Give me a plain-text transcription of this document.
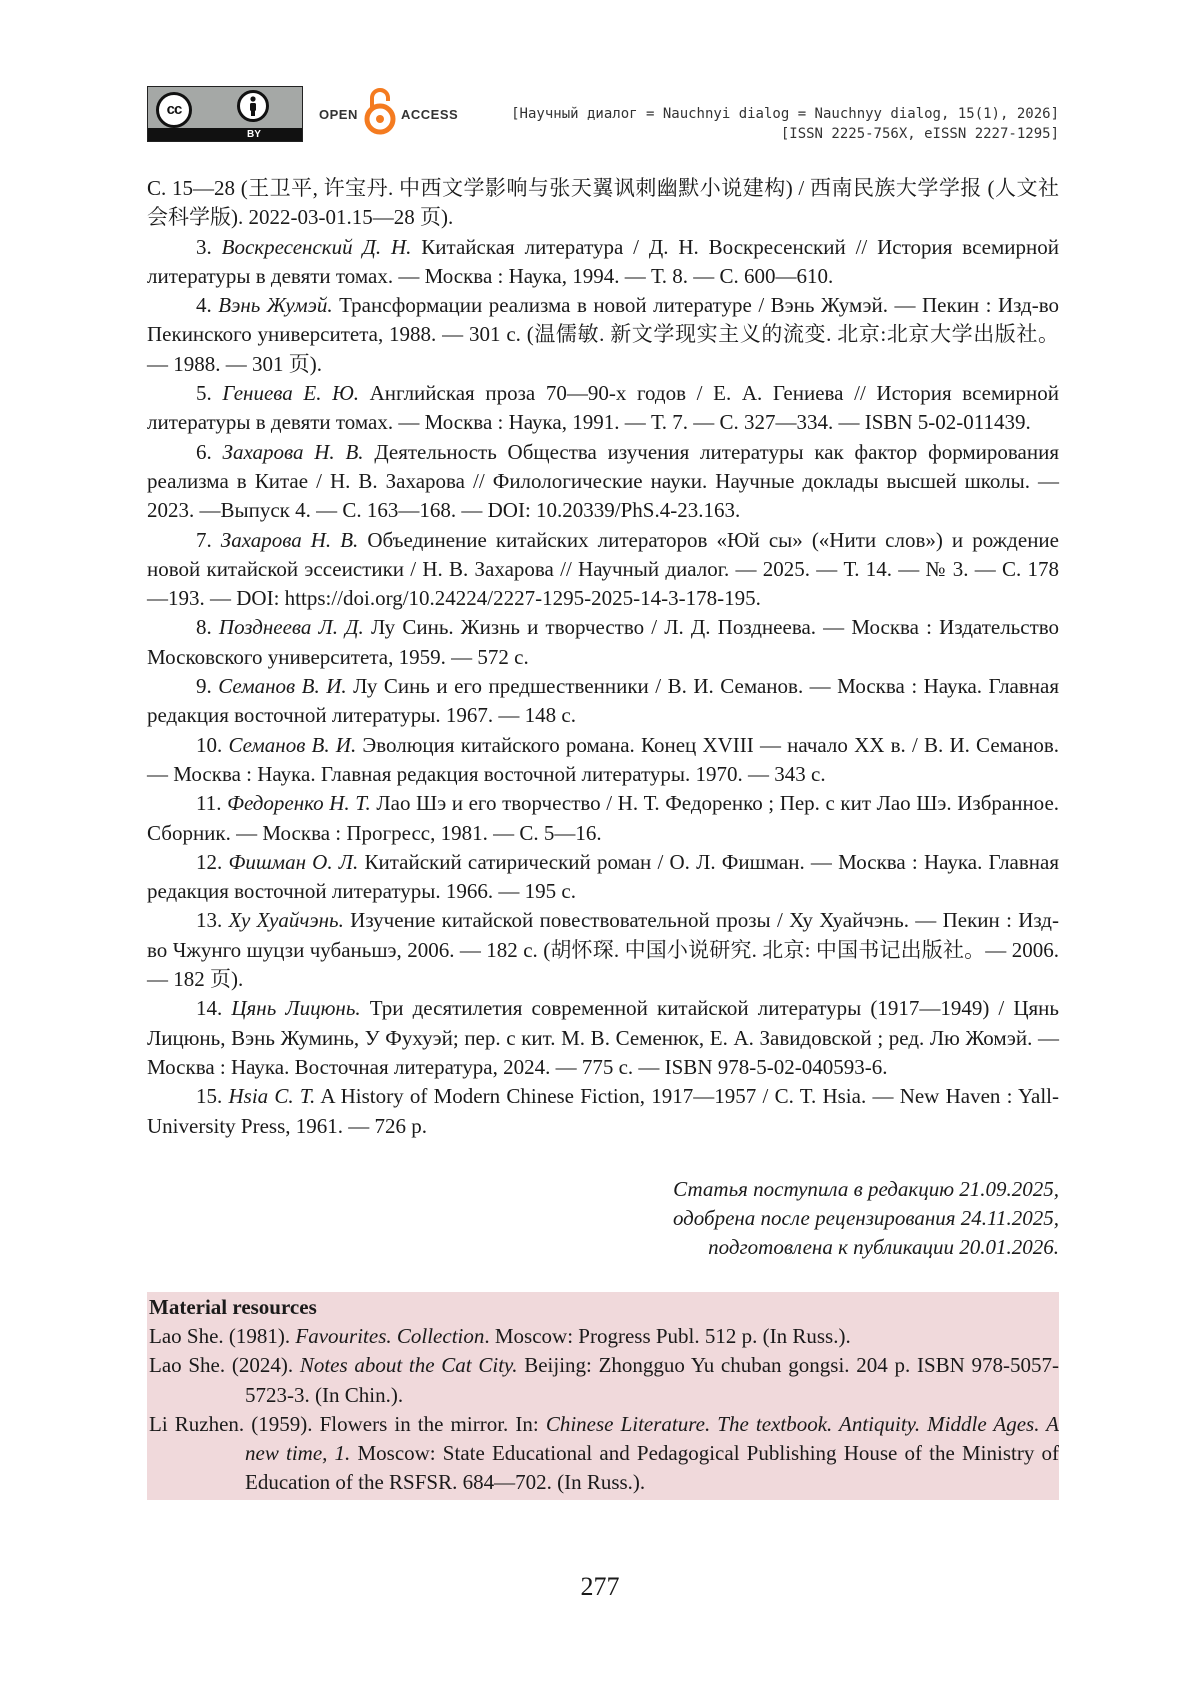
cc
BY
OPEN	ACCESS	[Научный диалог = Nauchnyi dialog = Nauchnyy dialog, 15(1), 2026]
[ISSN 2225-756X, eISSN 2227-1295]

С. 15—28 (王卫平, 许宝丹. 中西文学影响与张天翼讽刺幽默小说建构) / 西南民族大学学报 (人文社会科学版). 2022-03-01.15—28 页).

3. Воскресенский Д. Н. Китайская литература / Д. Н. Воскресенский // История всемирной литературы в девяти томах. — Москва : Наука, 1994. — Т. 8. — С. 600—610.

4. Вэнь Жумэй. Трансформации реализма в новой литературе / Вэнь Жумэй. — Пекин : Изд-во Пекинского университета, 1988. — 301 с. (温儒敏. 新文学现实主义的流变. 北京:北京大学出版社。— 1988. — 301 页).

5. Гениева Е. Ю. Английская проза 70—90-х годов / Е. А. Гениева // История всемирной литературы в девяти томах. — Москва : Наука, 1991. — Т. 7. — С. 327—334. — ISBN 5-02-011439.

6. Захарова Н. В. Деятельность Общества изучения литературы как фактор формирования реализма в Китае / Н. В. Захарова // Филологические науки. Научные доклады высшей школы. — 2023. —Выпуск 4. — С. 163—168. — DOI: 10.20339/PhS.4-23.163.

7. Захарова Н. В. Объединение китайских литераторов «Юй сы» («Нити слов») и рождение новой китайской эссеистики / Н. В. Захарова // Научный диалог. — 2025. — Т. 14. — № 3. — С. 178—193. — DOI: https://doi.org/10.24224/2227-1295-2025-14-3-178-195.

8. Позднеева Л. Д. Лу Синь. Жизнь и творчество / Л. Д. Позднеева. — Москва : Издательство Московского университета, 1959. — 572 с.

9. Семанов В. И. Лу Синь и его предшественники / В. И. Семанов. — Москва : Наука. Главная редакция восточной литературы. 1967. — 148 с.

10. Семанов В. И. Эволюция китайского романа. Конец XVIII — начало XX в. / В. И. Семанов. — Москва : Наука. Главная редакция восточной литературы. 1970. — 343 с.

11. Федоренко Н. Т. Лао Шэ и его творчество / Н. Т. Федоренко ; Пер. с кит Лао Шэ. Избранное. Сборник. — Москва : Прогресс, 1981. — С. 5—16.

12. Фишман О. Л. Китайский сатирический роман / О. Л. Фишман. — Москва : Наука. Главная редакция восточной литературы. 1966. — 195 с.

13. Ху Хуайчэнь. Изучение китайской повествовательной прозы / Ху Хуайчэнь. — Пекин : Изд-во Чжунго шуцзи чубаньшэ, 2006. — 182 с. (胡怀琛. 中国小说研究. 北京: 中国书记出版社。— 2006. — 182 页).

14. Цянь Лицюнь. Три десятилетия современной китайской литературы (1917—1949) / Цянь Лицюнь, Вэнь Жуминь, У Фухуэй; пер. с кит. М. В. Семенюк, Е. А. Завидовской ; ред. Лю Жомэй. — Москва : Наука. Восточная литература, 2024. — 775 с. — ISBN 978-5-02-040593-6.

15. Hsia C. T. A History of Modern Chinese Fiction, 1917—1957 / C. T. Hsia. — New Haven : Yall-University Press, 1961. — 726 p.

Статья поступила в редакцию 21.09.2025,
одобрена после рецензирования 24.11.2025,
подготовлена к публикации 20.01.2026.
Material resources

Lao She. (1981). Favourites. Collection. Moscow: Progress Publ. 512 p. (In Russ.).

Lao She. (2024). Notes about the Cat City. Beijing: Zhongguo Yu chuban gongsi. 204 p. ISBN 978-5057-5723-3. (In Chin.).

Li Ruzhen. (1959). Flowers in the mirror. In: Chinese Literature. The textbook. Antiquity. Middle Ages. A new time, 1. Moscow: State Educational and Pedagogical Publishing House of the Ministry of Education of the RSFSR. 684—702. (In Russ.).

277
